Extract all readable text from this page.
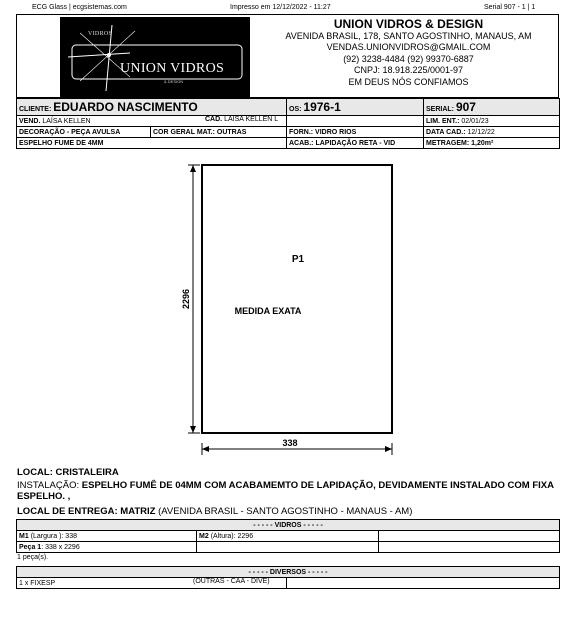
ECG Glass | ecgsistemas.com	Impresso em 12/12/2022 - 11:27	Serial 907 - 1 | 1
VIDROS
UNION VIDROS
& DESIGN
UNION VIDROS & DESIGN
AVENIDA BRASIL, 178, SANTO AGOSTINHO, MANAUS, AM
VENDAS.UNIONVIDROS@GMAIL.COM
(92) 3238-4484 (92) 99370-6887
CNPJ: 18.918.225/0001-97
EM DEUS NÓS CONFIAMOS
CLIENTE: EDUARDO NASCIMENTO		OS: 1976-1	SERIAL: 907
VEND. LAÍSA KELLEN CAD. LAISA KELLEN L			LIM. ENT.: 02/01/23
DECORAÇÃO - PEÇA AVULSA	COR GERAL MAT.: OUTRAS	FORN.: VIDRO RIOS	DATA CAD.: 12/12/22
ESPELHO FUME DE 4MM		ACAB.: LAPIDAÇÃO RETA - VID	METRAGEM: 1,20m²
P1
MEDIDA EXATA
2296
338
LOCAL: CRISTALEIRA
INSTALAÇÃO: ESPELHO FUMÊ DE 04MM COM ACABAMEMTO DE LAPIDAÇÃO, DEVIDAMENTE INSTALADO COM FIXA ESPELHO. ,
LOCAL DE ENTREGA: MATRIZ (AVENIDA BRASIL - SANTO AGOSTINHO - MANAUS - AM)
- - - - - VIDROS - - - - -		
M1 (Largura ): 338	M2 (Altura): 2296	
Peça 1: 338 x 2296		
1 peça(s).
- - - - - DIVERSOS - - - - -
1 x FIXESP	(OUTRAS - CAA - DIVE)
